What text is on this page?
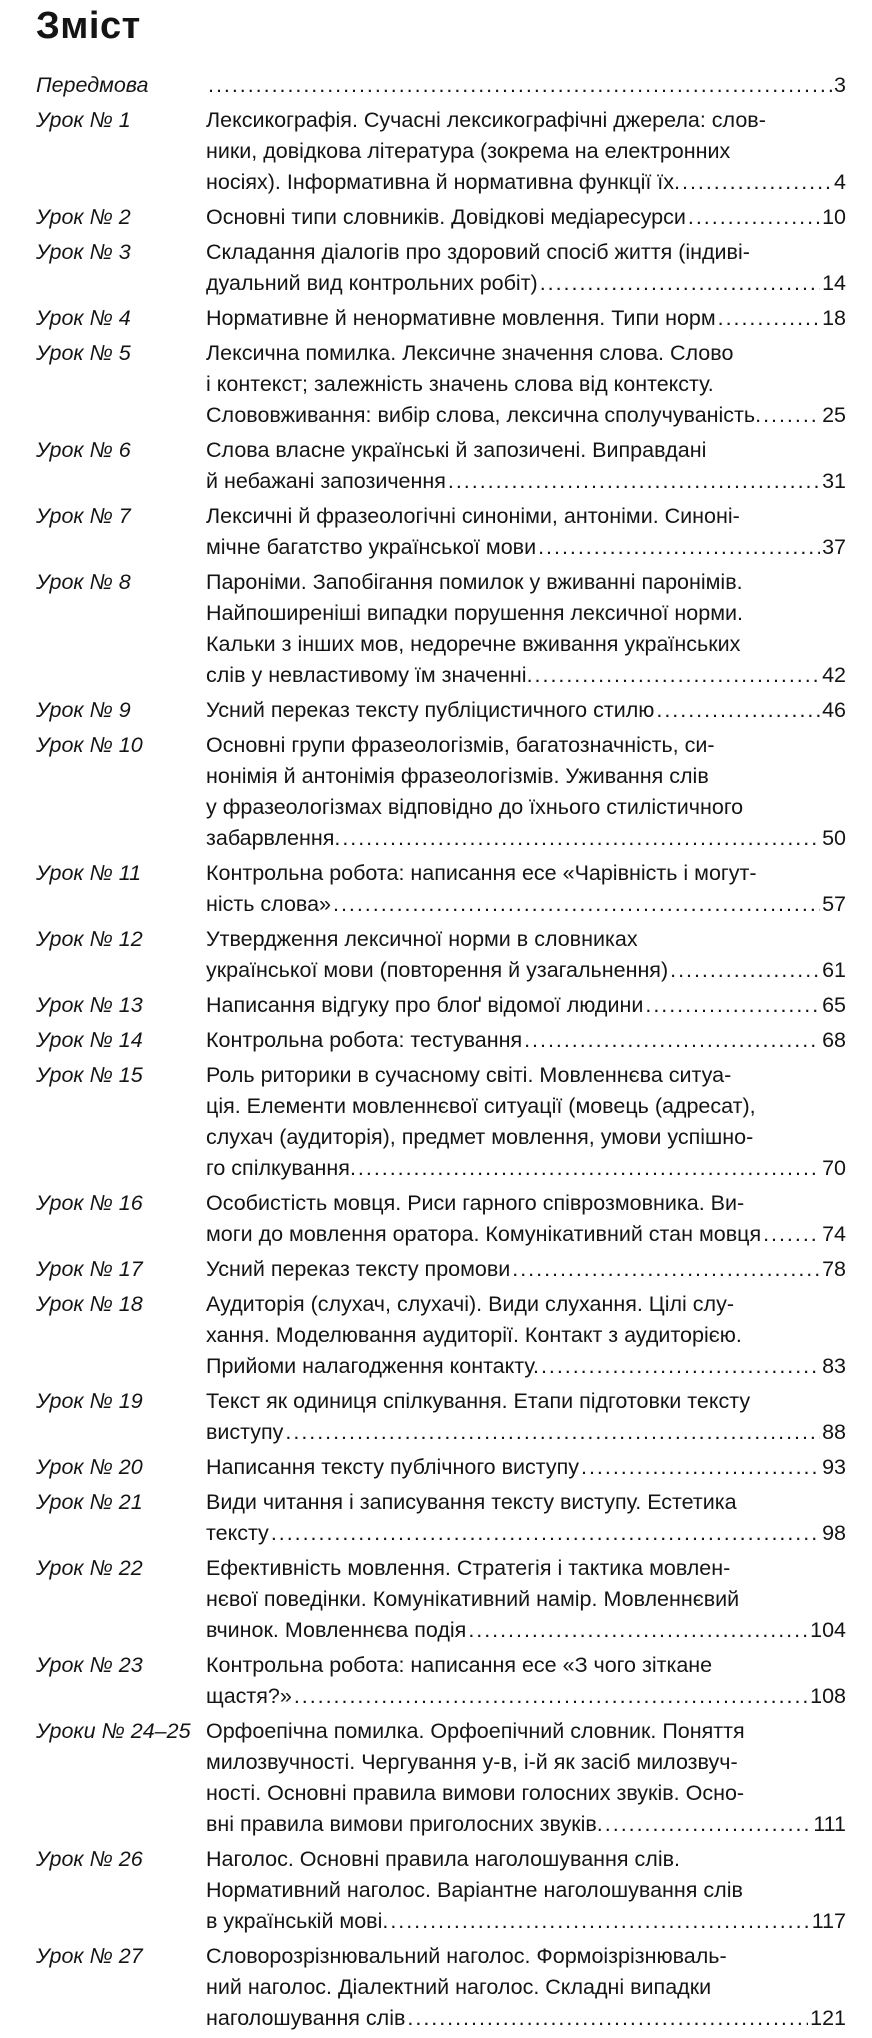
Зміст
Передмова . . .	3
Урок № 1	Лексикографія. Сучасні лексикографічні джерела: слов-
ники, довідкова література (зокрема на електронних
носіях). Інформативна й нормативна функції їх. . . .	4
Урок № 2	Основні типи словників. Довідкові медіаресурси . . .	10
Урок № 3	Складання діалогів про здоровий спосіб життя (індиві-
дуальний вид контрольних робіт) . . .	14
Урок № 4	Нормативне й ненормативне мовлення. Типи норм . . .	18
Урок № 5	Лексична помилка. Лексичне значення слова. Слово
і контекст; залежність значень слова від контексту.
Слововживання: вибір слова, лексична сполучуваність. . . .	25
Урок № 6	Слова власне українські й запозичені. Виправдані
й небажані запозичення . . .	31
Урок № 7	Лексичні й фразеологічні синоніми, антоніми. Синоні-
мічне багатство української мови . . .	37
Урок № 8	Пароніми. Запобігання помилок у вживанні паронімів.
Найпоширеніші випадки порушення лексичної норми.
Кальки з інших мов, недоречне вживання українських
слів у невластивому їм значенні. . . .	42
Урок № 9	Усний переказ тексту публіцистичного стилю . . .	46
Урок № 10	Основні групи фразеологізмів, багатозначність, си-
нонімія й антонімія фразеологізмів. Уживання слів
у фразеологізмах відповідно до їхнього стилістичного
забарвлення. . . .	50
Урок № 11	Контрольна робота: написання есе «Чарівність і могут-
ність слова» . . .	57
Урок № 12	Утвердження лексичної норми в словниках
української мови (повторення й узагальнення) . . .	61
Урок № 13	Написання відгуку про блоґ відомої людини . . .	65
Урок № 14	Контрольна робота: тестування . . .	68
Урок № 15	Роль риторики в сучасному світі. Мовленнєва ситуа-
ція. Елементи мовленнєвої ситуації (мовець (адресат),
слухач (аудиторія), предмет мовлення, умови успішно-
го спілкування. . . .	70
Урок № 16	Особистість мовця. Риси гарного співрозмовника. Ви-
моги до мовлення оратора. Комунікативний стан мовця . . .	74
Урок № 17	Усний переказ тексту промови . . .	78
Урок № 18	Аудиторія (слухач, слухачі). Види слухання. Цілі слу-
хання. Моделювання аудиторії. Контакт з аудиторією.
Прийоми налагодження контакту. . . .	83
Урок № 19	Текст як одиниця спілкування. Етапи підготовки тексту
виступу . . .	88
Урок № 20	Написання тексту публічного виступу . . .	93
Урок № 21	Види читання і записування тексту виступу. Естетика
тексту . . .	98
Урок № 22	Ефективність мовлення. Стратегія і тактика мовлен-
нєвої поведінки. Комунікативний намір. Мовленнєвий
вчинок. Мовленнєва подія . . .	104
Урок № 23	Контрольна робота: написання есе «З чого зіткане
щастя?» . . .	108
Уроки № 24–25 Орфоепічна помилка. Орфоепічний словник. Поняття
милозвучності. Чергування у-в, і-й як засіб милозвуч-
ності. Основні правила вимови голосних звуків. Осно-
вні правила вимови приголосних звуків. . . .	111
Урок № 26	Наголос. Основні правила наголошування слів.
Нормативний наголос. Варіантне наголошування слів
в українській мові. . . .	117
Урок № 27	Словорозрізнювальний наголос. Формоізрізнюваль-
ний наголос. Діалектний наголос. Складні випадки
наголошування слів . . .	121
